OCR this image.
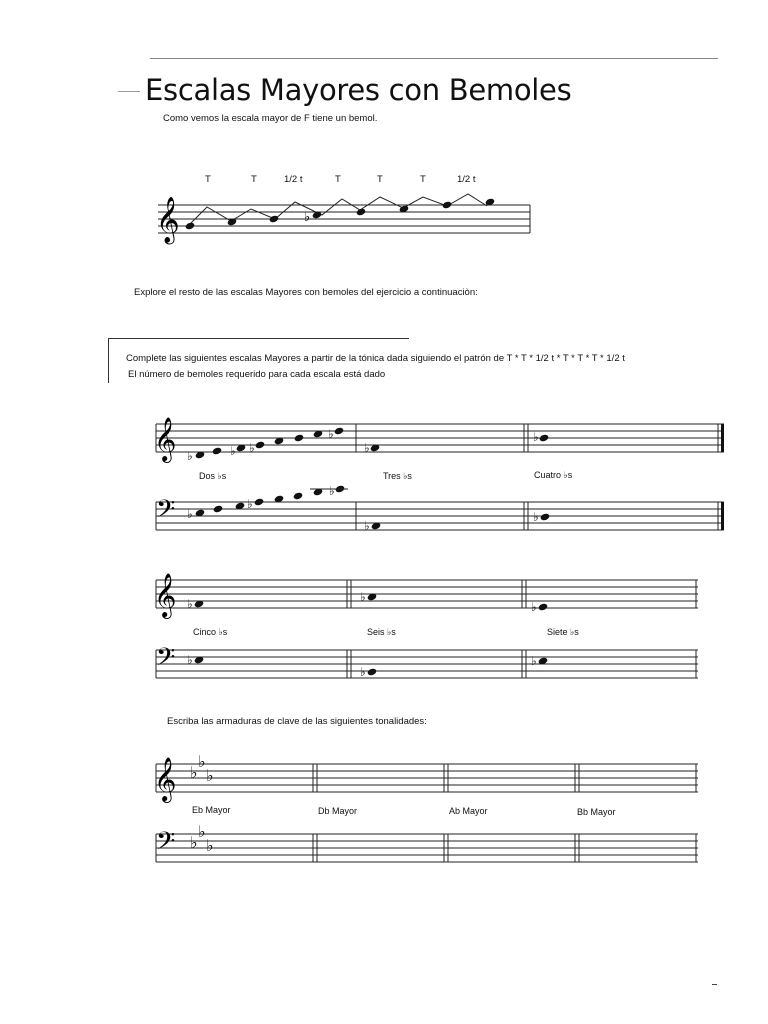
Escalas Mayores con Bemoles
Como vemos la escala mayor de F tiene un bemol.
T	T	1/2 t	T	T	T	1/2 t
𝄞	♭
Explore el resto de las escalas Mayores con bemoles del ejercicio a continuaciòn:
Complete las siguientes escalas Mayores a partir de la tónica dada siguiendo el patrón de T * T * 1/2 t * T * T * T * 1/2 t
El número de bemoles requerido para cada escala está dado
𝄞
𝄢
♭	♭ ♭
♭
♭
♭
♭
♭
♭
♭
♭
Dos ♭s	Tres ♭s	Cuatro ♭s
𝄞
𝄢
♭	♭
♭
♭
♭
♭
Cinco ♭s	Seis ♭s	Siete ♭s
Escriba las armaduras de clave de las siguientes tonalidades:
𝄞
𝄢
♭
♭
♭
♭
♭
♭
Eb Mayor	Db Mayor	Ab Mayor	Bb Mayor
